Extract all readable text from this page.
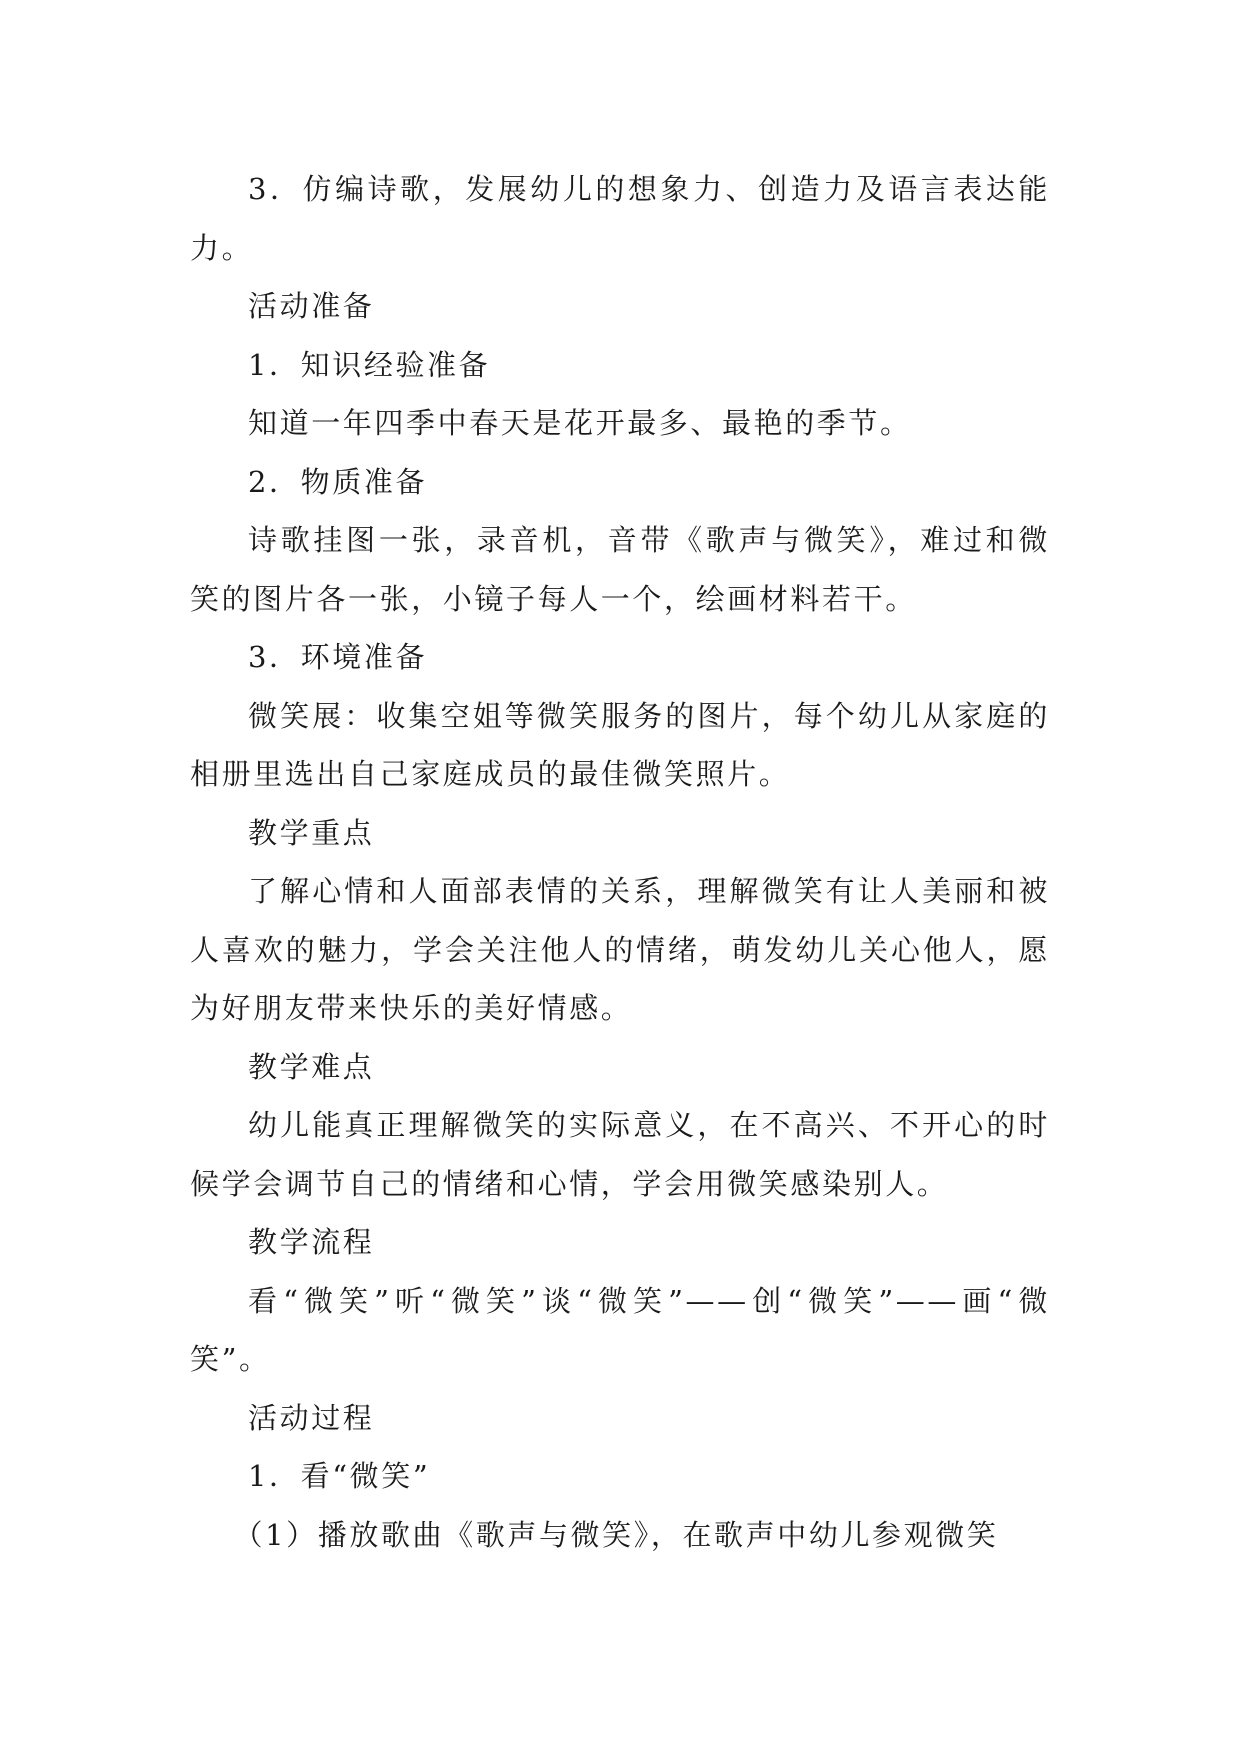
3．仿编诗歌，发展幼儿的想象力、创造力及语言表达能力。

活动准备

1．知识经验准备

知道一年四季中春天是花开最多、最艳的季节。

2．物质准备

诗歌挂图一张，录音机，音带《歌声与微笑》，难过和微笑的图片各一张，小镜子每人一个，绘画材料若干。

3．环境准备

微笑展：收集空姐等微笑服务的图片，每个幼儿从家庭的相册里选出自己家庭成员的最佳微笑照片。

教学重点

了解心情和人面部表情的关系，理解微笑有让人美丽和被人喜欢的魅力，学会关注他人的情绪，萌发幼儿关心他人，愿为好朋友带来快乐的美好情感。

教学难点

幼儿能真正理解微笑的实际意义，在不高兴、不开心的时候学会调节自己的情绪和心情，学会用微笑感染别人。

教学流程

看“微笑”听“微笑”谈“微笑”——创“微笑”——画“微笑”。

活动过程

1．看“微笑”

（1）播放歌曲《歌声与微笑》，在歌声中幼儿参观微笑
